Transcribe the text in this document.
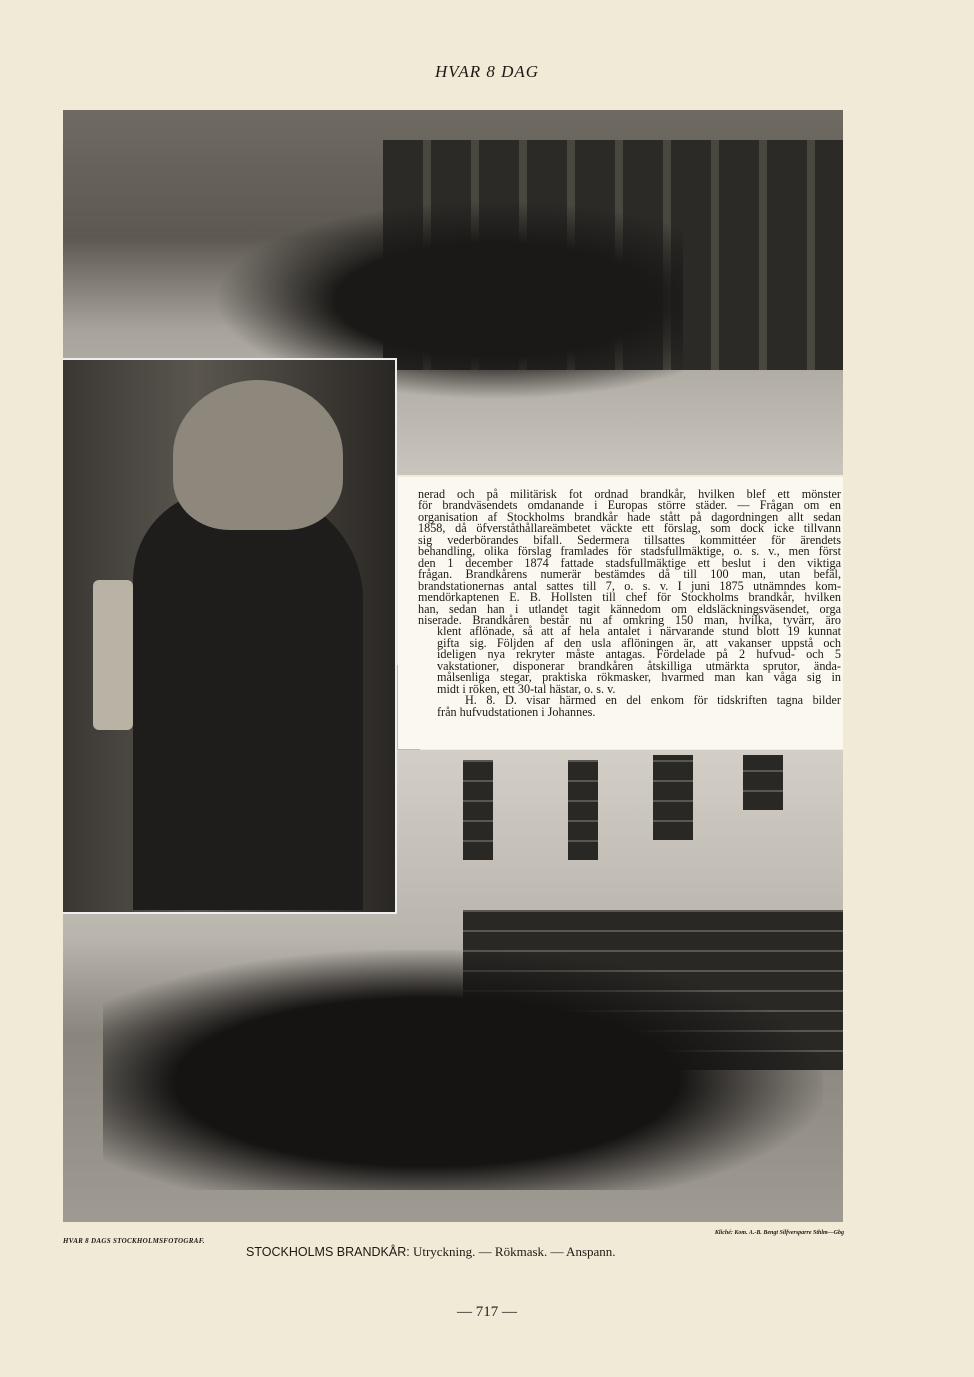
HVAR 8 DAG
nerad och på militärisk fot ordnad brandkår, hvilken blef ett mönster
för brandväsendets omdanande i Europas större städer. — Frågan om en
organisation af Stockholms brandkår hade stått på dagordningen allt sedan
1858, då öfverståthållareämbetet väckte ett förslag, som dock icke tillvann
sig vederbörandes bifall. Sedermera tillsattes kommittéer för ärendets
behandling, olika förslag framlades för stadsfullmäktige, o. s. v., men först
den 1 december 1874 fattade stadsfullmäktige ett beslut i den viktiga
frågan. Brandkårens numerär bestämdes då till 100 man, utan befäl,
brandstationernas antal sattes till 7, o. s. v. I juni 1875 utnämndes kom-
mendörkaptenen E. B. Hollsten till chef för Stockholms brandkår, hvilken
han, sedan han i utlandet tagit kännedom om eldsläckningsväsendet, orga
niserade. Brandkåren består nu af omkring 150 man, hvilka, tyvärr, äro
klent aflönade, så att af hela antalet i närvarande stund blott 19 kunnat
gifta sig. Följden af den usla aflöningen är, att vakanser uppstå och
ideligen nya rekryter måste antagas. Fördelade på 2 hufvud- och 5
vakstationer, disponerar brandkåren åtskilliga utmärkta sprutor, ända-
målsenliga stegar, praktiska rökmasker, hvarmed man kan våga sig in
midt i röken, ett 30-tal hästar, o. s. v.
H. 8. D. visar härmed en del enkom för tidskriften tagna bilder
från hufvudstationen i Johannes.
HVAR 8 DAGS STOCKHOLMSFOTOGRAF.
Kliché: Kom. A.-B. Bengt Silfversparre Sthlm—Gbg
STOCKHOLMS BRANDKÅR: Utryckning. — Rökmask. — Anspann.
— 717 —
